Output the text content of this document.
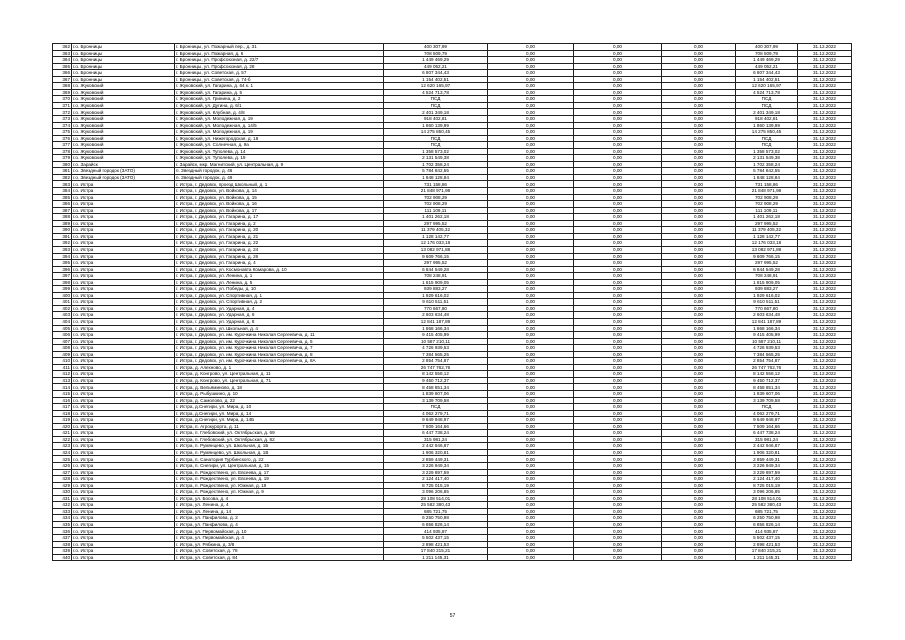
362	г.о. Бронницы	г. Бронницы, ул. Пожарный пер., д. 31	400 307,99	0,00	0,00	0,00	400 307,99	31.12.2022
363	г.о. Бронницы	г. Бронницы, ул. Пожарная, д. 6	708 509,79	0,00	0,00	0,00	708 509,79	31.12.2022
364	г.о. Бронницы	г. Бронницы, ул. Профсоюзная, д. 22/7	1 449 469,29	0,00	0,00	0,00	1 449 469,29	31.12.2022
365	г.о. Бронницы	г. Бронницы, ул. Профсоюзная, д. 28	449 052,21	0,00	0,00	0,00	449 052,21	31.12.2022
366	г.о. Бронницы	г. Бронницы, ул. Советская, д. 57	6 807 344,43	0,00	0,00	0,00	6 807 344,43	31.12.2022
367	г.о. Бронницы	г. Бронницы, ул. Советская, д. 74-б	1 154 402,51	0,00	0,00	0,00	1 154 402,51	31.12.2022
368	г.о. Жуковский	г. Жуковский, ул. Гагарина, д. 64 к. 1	12 620 165,97	0,00	0,00	0,00	12 620 165,97	31.12.2022
369	г.о. Жуковский	г. Жуковский, ул. Гагарина, д. 5	4 524 713,78	0,00	0,00	0,00	4 524 713,78	31.12.2022
370	г.о. Жуковский	г. Жуковский, ул. Гринина, д. 2	ПСД	0,00	0,00	0,00	ПСД	31.12.2022
371	г.о. Жуковский	г. Жуковский, ул. Дугина, д. 6/1	ПСД	0,00	0,00	0,00	ПСД	31.12.2022
372	г.о. Жуковский	г. Жуковский, ул. Клубная, д. 4/8	2 401 349,18	0,00	0,00	0,00	2 401 349,18	31.12.2022
373	г.о. Жуковский	г. Жуковский, ул. Молодежная, д. 19	918 402,81	0,00	0,00	0,00	918 402,81	31.12.2022
374	г.о. Жуковский	г. Жуковский, ул. Молодежная, д. 14/5	1 860 139,99	0,00	0,00	0,00	1 860 139,99	31.12.2022
375	г.о. Жуковский	г. Жуковский, ул. Молодежная, д. 19	14 275 850,45	0,00	0,00	0,00	14 275 850,45	31.12.2022
376	г.о. Жуковский	г. Жуковский, ул. Нижегородская, д. 18	ПСД	0,00	0,00	0,00	ПСД	31.12.2022
377	г.о. Жуковский	г. Жуковский, ул. Солнечная, д. 9а	ПСД	0,00	0,00	0,00	ПСД	31.12.2022
378	г.о. Жуковский	г. Жуковский, ул. Туполева, д. 14	1 358 573,02	0,00	0,00	0,00	1 358 573,02	31.12.2022
379	г.о. Жуковский	г. Жуковский, ул. Туполева, д. 19	2 131 549,38	0,00	0,00	0,00	2 131 549,38	31.12.2022
380	г.о. Зарайск	г. Зарайск, мкр. Магнитский, ул. Центральная, д. 9	1 702 358,24	0,00	0,00	0,00	1 702 358,24	31.12.2022
381	г.о. Звездный городок (ЗАТО)	п. Звездный городок, д. 46	5 784 842,55	0,00	0,00	0,00	5 784 842,55	31.12.2022
382	г.о. Звездный городок (ЗАТО)	п. Звездный городок, д. 49	1 848 128,84	0,00	0,00	0,00	1 848 128,84	31.12.2022
383	г.о. Истра	г. Истра, г. Дедовск, проезд Школьный, д. 1	731 158,86	0,00	0,00	0,00	731 158,86	31.12.2022
384	г.о. Истра	г. Истра, г. Дедовск, ул. Войкова, д. 14	21 848 971,98	0,00	0,00	0,00	21 848 971,98	31.12.2022
385	г.о. Истра	г. Истра, г. Дедовск, ул. Войкова, д. 15	702 908,29	0,00	0,00	0,00	702 908,29	31.12.2022
386	г.о. Истра	г. Истра, г. Дедовск, ул. Войкова, д. 16	702 908,29	0,00	0,00	0,00	702 908,29	31.12.2022
387	г.о. Истра	г. Истра, г. Дедовск, ул. Войкова, д. 17	111 109,11	0,00	0,00	0,00	111 109,11	31.12.2022
388	г.о. Истра	г. Истра, г. Дедовск, ул. Гагарина, д. 17	1 401 262,18	0,00	0,00	0,00	1 401 262,18	31.12.2022
389	г.о. Истра	г. Истра, г. Дедовск, ул. Гагарина, д. 2	297 995,52	0,00	0,00	0,00	297 995,52	31.12.2022
390	г.о. Истра	г. Истра, г. Дедовск, ул. Гагарина, д. 20	11 379 405,32	0,00	0,00	0,00	11 379 405,32	31.12.2022
391	г.о. Истра	г. Истра, г. Дедовск, ул. Гагарина, д. 21	1 128 142,77	0,00	0,00	0,00	1 128 142,77	31.12.2022
392	г.о. Истра	г. Истра, г. Дедовск, ул. Гагарина, д. 22	12 176 033,18	0,00	0,00	0,00	12 176 033,18	31.12.2022
393	г.о. Истра	г. Истра, г. Дедовск, ул. Гагарина, д. 24	13 082 971,88	0,00	0,00	0,00	13 082 971,88	31.12.2022
394	г.о. Истра	г. Истра, г. Дедовск, ул. Гагарина, д. 26	9 609 766,15	0,00	0,00	0,00	9 609 766,15	31.12.2022
395	г.о. Истра	г. Истра, г. Дедовск, ул. Гагарина, д. 4	297 995,52	0,00	0,00	0,00	297 995,52	31.12.2022
396	г.о. Истра	г. Истра, г. Дедовск, ул. Космонавта Комарова, д. 10	6 844 549,28	0,00	0,00	0,00	6 844 549,28	31.12.2022
397	г.о. Истра	г. Истра, г. Дедовск, ул. Ленина, д. 1	708 248,91	0,00	0,00	0,00	708 248,91	31.12.2022
398	г.о. Истра	г. Истра, г. Дедовск, ул. Ленина, д. 5	1 815 909,05	0,00	0,00	0,00	1 815 909,05	31.12.2022
399	г.о. Истра	г. Истра, г. Дедовск, ул. Победы, д. 10	939 883,27	0,00	0,00	0,00	939 883,27	31.12.2022
400	г.о. Истра	г. Истра, г. Дедовск, ул. Спортивная, д. 1	1 929 616,02	0,00	0,00	0,00	1 929 616,02	31.12.2022
401	г.о. Истра	г. Истра, г. Дедовск, ул. Спортивная, д. 2	9 610 511,51	0,00	0,00	0,00	9 610 511,51	31.12.2022
402	г.о. Истра	г. Истра, г. Дедовск, ул. Ударная, д. 4	770 667,80	0,00	0,00	0,00	770 667,80	31.12.2022
403	г.о. Истра	г. Истра, г. Дедовск, ул. Ударная, д. 6	2 603 634,48	0,00	0,00	0,00	2 603 634,48	31.12.2022
404	г.о. Истра	г. Истра, г. Дедовск, ул. Ударная, д. 8	12 841 187,89	0,00	0,00	0,00	12 841 187,89	31.12.2022
405	г.о. Истра	г. Истра, г. Дедовск, ул. Школьная, д. 4	1 868 166,34	0,00	0,00	0,00	1 868 166,34	31.12.2022
406	г.о. Истра	г. Истра, г. Дедовск, ул. им. Курочкина Николая Сергеевича, д. 11	9 415 405,99	0,00	0,00	0,00	9 415 405,99	31.12.2022
407	г.о. Истра	г. Истра, г. Дедовск, ул. им. Курочкина Николая Сергеевича, д. 5	10 587 210,11	0,00	0,00	0,00	10 587 210,11	31.12.2022
408	г.о. Истра	г. Истра, г. Дедовск, ул. им. Курочкина Николая Сергеевича, д. 7	4 726 939,53	0,00	0,00	0,00	4 726 939,53	31.12.2022
409	г.о. Истра	г. Истра, г. Дедовск, ул. им. Курочкина Николая Сергеевича, д. 8	7 384 565,25	0,00	0,00	0,00	7 384 565,25	31.12.2022
410	г.о. Истра	г. Истра, г. Дедовск, ул. им. Курочкина Николая Сергеевича, д. 8А	2 854 754,87	0,00	0,00	0,00	2 854 754,87	31.12.2022
411	г.о. Истра	г. Истра, д. Алехново, д. 1	26 747 762,76	0,00	0,00	0,00	26 747 762,76	31.12.2022
412	г.о. Истра	г. Истра, д. Конгрово, ул. Центральная, д. 11	8 142 558,12	0,00	0,00	0,00	8 142 558,12	31.12.2022
413	г.о. Истра	г. Истра, д. Конгрово, ул. Центральная, д. 71	9 450 712,37	0,00	0,00	0,00	9 450 712,37	31.12.2022
414	г.о. Истра	г. Истра, д. Вельяминово, д. 18	8 458 851,34	0,00	0,00	0,00	8 458 851,34	31.12.2022
415	г.о. Истра	г. Истра, д. Рыбушкино, д. 10	1 839 607,06	0,00	0,00	0,00	1 839 607,06	31.12.2022
416	г.о. Истра	г. Истра, д. Самолово, д. 22	3 139 709,58	0,00	0,00	0,00	3 139 709,58	31.12.2022
417	г.о. Истра	г. Истра, д.Снегири, ул. Мира, д. 10	ПСД	0,00	0,00	0,00	ПСД	31.12.2022
418	г.о. Истра	г. Истра, д.Снегири, ул. Мира, д. 14	4 062 279,71	0,00	0,00	0,00	4 062 279,71	31.12.2022
419	г.о. Истра	г. Истра, д.Снегири, ул. Мира, д. 14Б	9 649 948,97	0,00	0,00	0,00	9 649 948,97	31.12.2022
420	г.о. Истра	г. Истра, п. Агрокурорта, д. 11	7 509 164,66	0,00	0,00	0,00	7 509 164,66	31.12.2022
421	г.о. Истра	г. Истра, п. Глебовский, ул. Октябрьская, д. 69	6 447 738,24	0,00	0,00	0,00	6 447 738,24	31.12.2022
422	г.о. Истра	г. Истра, п. Глебовский, ул. Октябрьская, д. 82	315 981,24	0,00	0,00	0,00	315 981,24	31.12.2022
423	г.о. Истра	г. Истра, п. Румянцево, ул. Школьная, д. 1Б	2 442 946,87	0,00	0,00	0,00	2 442 946,87	31.12.2022
424	г.о. Истра	г. Истра, п. Румянцево, ул. Школьная, д. 1В	1 906 320,81	0,00	0,00	0,00	1 906 320,81	31.12.2022
425	г.о. Истра	г. Истра, п. Санатория Турбинского, д. 22	2 859 449,31	0,00	0,00	0,00	2 859 449,31	31.12.2022
426	г.о. Истра	г. Истра, п. Снегири, ул. Центральная, д. 15	3 226 949,34	0,00	0,00	0,00	3 226 949,34	31.12.2022
427	г.о. Истра	г. Истра, п. Рождествено, ул. Евсеева, д. 17	3 229 897,59	0,00	0,00	0,00	3 229 897,59	31.12.2022
428	г.о. Истра	г. Истра, п. Рождествено, ул. Евсеева, д. 19	2 124 417,40	0,00	0,00	0,00	2 124 417,40	31.12.2022
429	г.о. Истра	г. Истра, п. Рождествено, ул. Южная, д. 19	8 725 015,19	0,00	0,00	0,00	8 725 015,19	31.12.2022
430	г.о. Истра	г. Истра, п. Рождествено, ул. Южная, д. 9	3 096 206,85	0,00	0,00	0,00	3 096 206,85	31.12.2022
431	г.о. Истра	г. Истра, ул. Босова, д. 4	28 108 514,01	0,00	0,00	0,00	28 108 514,01	31.12.2022
432	г.о. Истра	г. Истра, ул. Ленина, д. 4	25 582 380,43	0,00	0,00	0,00	25 582 380,43	31.12.2022
433	г.о. Истра	г. Истра, ул. Ленина, д. 14	685 721,75	0,00	0,00	0,00	685 721,75	31.12.2022
434	г.о. Истра	г. Истра, ул. Панфилова, д. 2	6 250 750,98	0,00	0,00	0,00	6 250 750,98	31.12.2022
435	г.о. Истра	г. Истра, ул. Панфилова, д. 4	6 856 826,14	0,00	0,00	0,00	6 856 826,14	31.12.2022
436	г.о. Истра	г. Истра, ул. Первомайская, д. 10	414 935,87	0,00	0,00	0,00	414 935,87	31.12.2022
437	г.о. Истра	г. Истра, ул. Первомайская, д. 4	5 502 437,15	0,00	0,00	0,00	5 502 437,15	31.12.2022
438	г.о. Истра	г. Истра, ул. Рябкина, д. 3/8	2 898 421,53	0,00	0,00	0,00	2 898 421,53	31.12.2022
439	г.о. Истра	г. Истра, ул. Советская, д. 78	17 840 215,21	0,00	0,00	0,00	17 840 215,21	31.12.2022
440	г.о. Истра	г. Истра, ул. Советская, д. 84	1 211 145,31	0,00	0,00	0,00	1 211 145,31	31.12.2022
57
